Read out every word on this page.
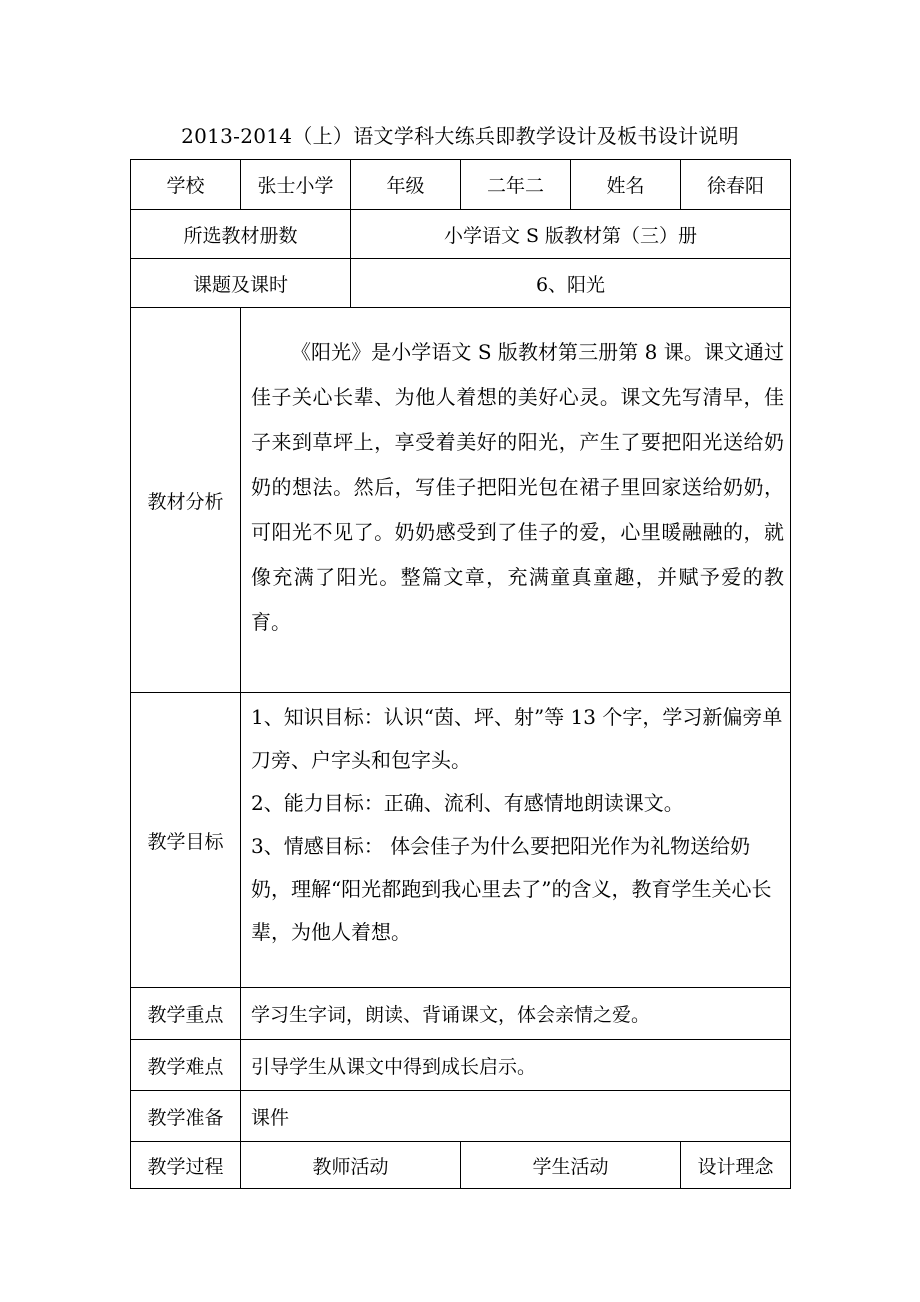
2013-2014（上）语文学科大练兵即教学设计及板书设计说明
学校	张士小学	年级	二年二	姓名	徐春阳
所选教材册数		小学语文 S 版教材第（三）册			
课题及课时		6、阳光			
教材分析	《阳光》是小学语文 S 版教材第三册第 8 课。课文通过佳子关心长辈、为他人着想的美好心灵。课文先写清早，佳子来到草坪上，享受着美好的阳光，产生了要把阳光送给奶奶的想法。然后，写佳子把阳光包在裙子里回家送给奶奶，可阳光不见了。奶奶感受到了佳子的爱，心里暖融融的，就像充满了阳光。整篇文章，充满童真童趣，并赋予爱的教育。				

教学目标	1、知识目标：认识“茵、坪、射”等 13 个字，学习新偏旁单刀旁、户字头和包字头。
2、能力目标：正确、流利、有感情地朗读课文。
3、情感目标： 体会佳子为什么要把阳光作为礼物送给奶奶，理解“阳光都跑到我心里去了”的含义，教育学生关心长辈，为他人着想。				

教学重点	学习生字词，朗读、背诵课文，体会亲情之爱。				
教学难点	引导学生从课文中得到成长启示。				
教学准备	课件				
教学过程	教师活动		学生活动		设计理念
